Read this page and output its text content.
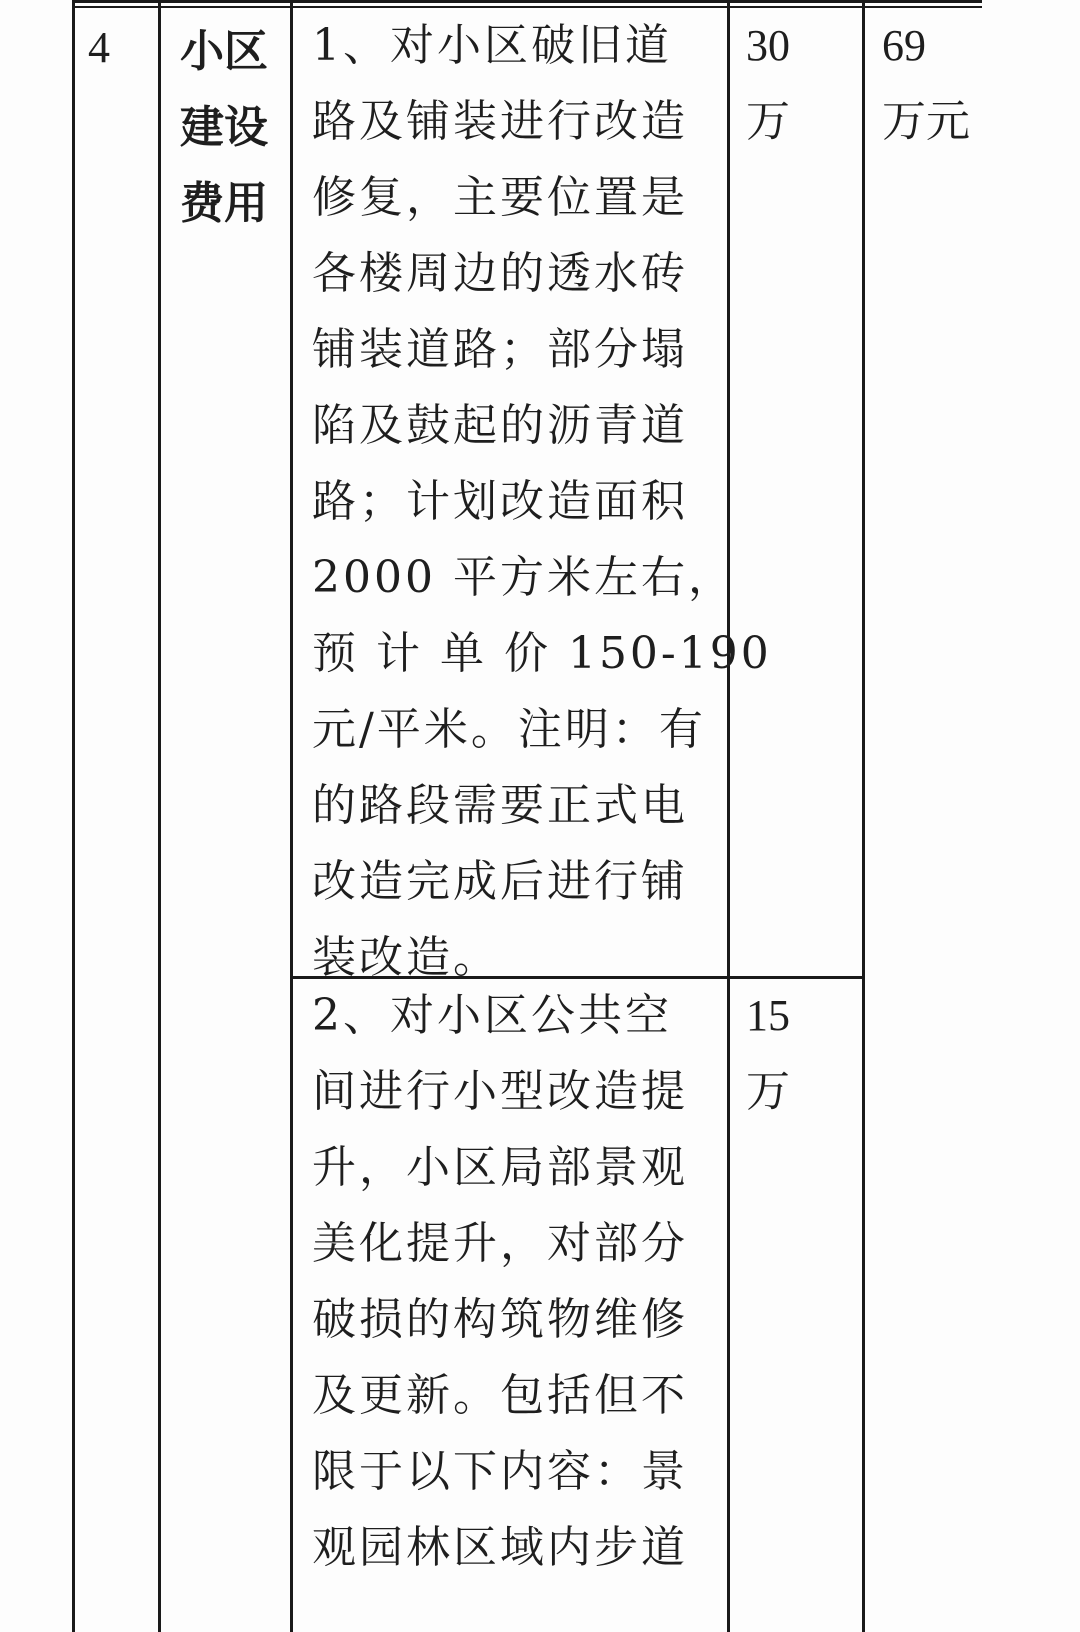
4 小区
建设
费用
1、对小区破旧道
路及铺装进行改造
修复，主要位置是
各楼周边的透水砖
铺装道路；部分塌
陷及鼓起的沥青道
路；计划改造面积
2000 平方米左右，
预 计 单 价 150-190
元/平米。注明：有
的路段需要正式电
改造完成后进行铺
装改造。
30
万
69
万元
2、对小区公共空
间进行小型改造提
升，小区局部景观
美化提升，对部分
破损的构筑物维修
及更新。包括但不
限于以下内容：景
观园林区域内步道
15
万
